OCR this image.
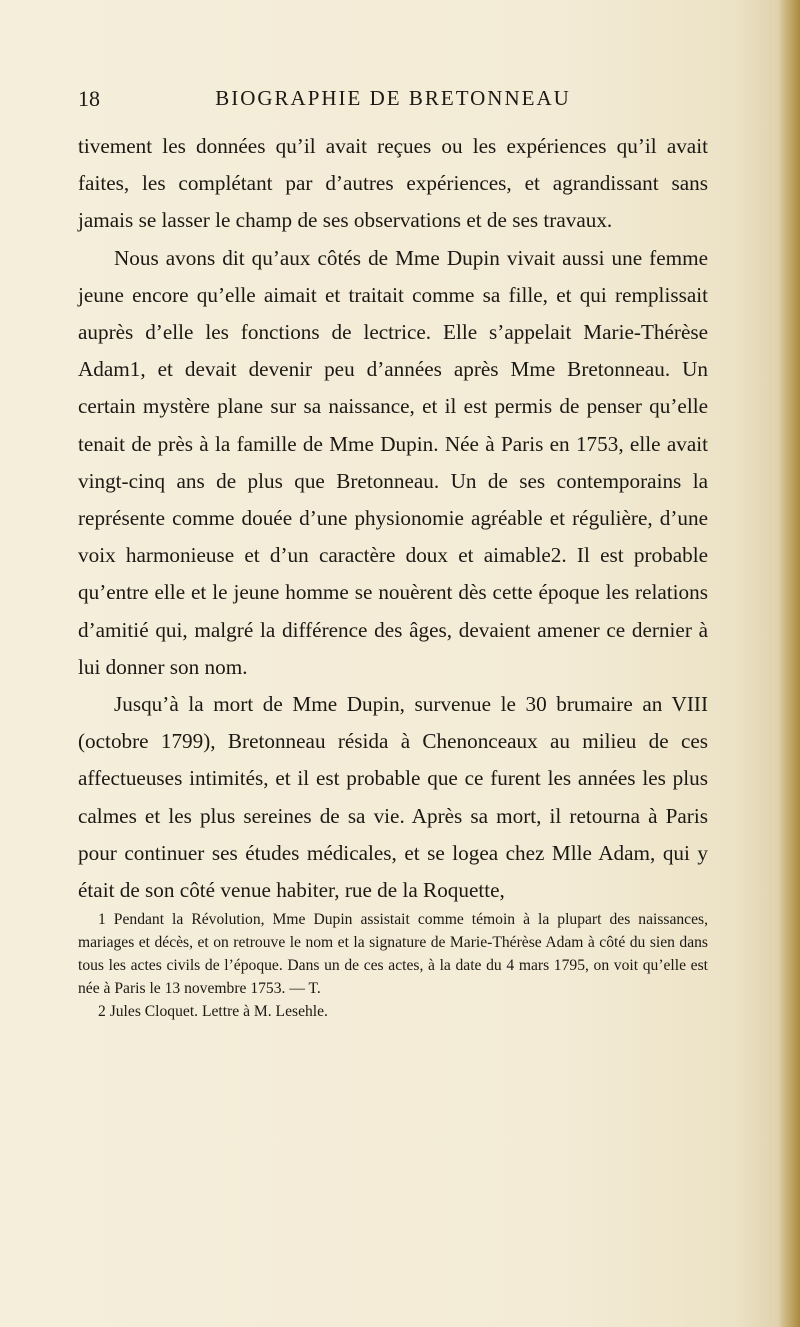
18	BIOGRAPHIE DE BRETONNEAU

tivement les données qu’il avait reçues ou les expériences qu’il avait faites, les complétant par d’autres expériences, et agrandissant sans jamais se lasser le champ de ses observations et de ses travaux.

Nous avons dit qu’aux côtés de Mme Dupin vivait aussi une femme jeune encore qu’elle aimait et traitait comme sa fille, et qui remplissait auprès d’elle les fonctions de lectrice. Elle s’appelait Marie-Thérèse Adam1, et devait devenir peu d’années après Mme Bretonneau. Un certain mystère plane sur sa naissance, et il est permis de penser qu’elle tenait de près à la famille de Mme Dupin. Née à Paris en 1753, elle avait vingt-cinq ans de plus que Bretonneau. Un de ses contemporains la représente comme douée d’une physionomie agréable et régulière, d’une voix harmonieuse et d’un caractère doux et aimable2. Il est probable qu’entre elle et le jeune homme se nouèrent dès cette époque les relations d’amitié qui, malgré la différence des âges, devaient amener ce dernier à lui donner son nom.

Jusqu’à la mort de Mme Dupin, survenue le 30 brumaire an VIII (octobre 1799), Bretonneau résida à Chenonceaux au milieu de ces affectueuses intimités, et il est probable que ce furent les années les plus calmes et les plus sereines de sa vie. Après sa mort, il retourna à Paris pour continuer ses études médicales, et se logea chez Mlle Adam, qui y était de son côté venue habiter, rue de la Roquette,

1 Pendant la Révolution, Mme Dupin assistait comme témoin à la plupart des naissances, mariages et décès, et on retrouve le nom et la signature de Marie-Thérèse Adam à côté du sien dans tous les actes civils de l’époque. Dans un de ces actes, à la date du 4 mars 1795, on voit qu’elle est née à Paris le 13 novembre 1753. — T.

2 Jules Cloquet. Lettre à M. Lesehle.
